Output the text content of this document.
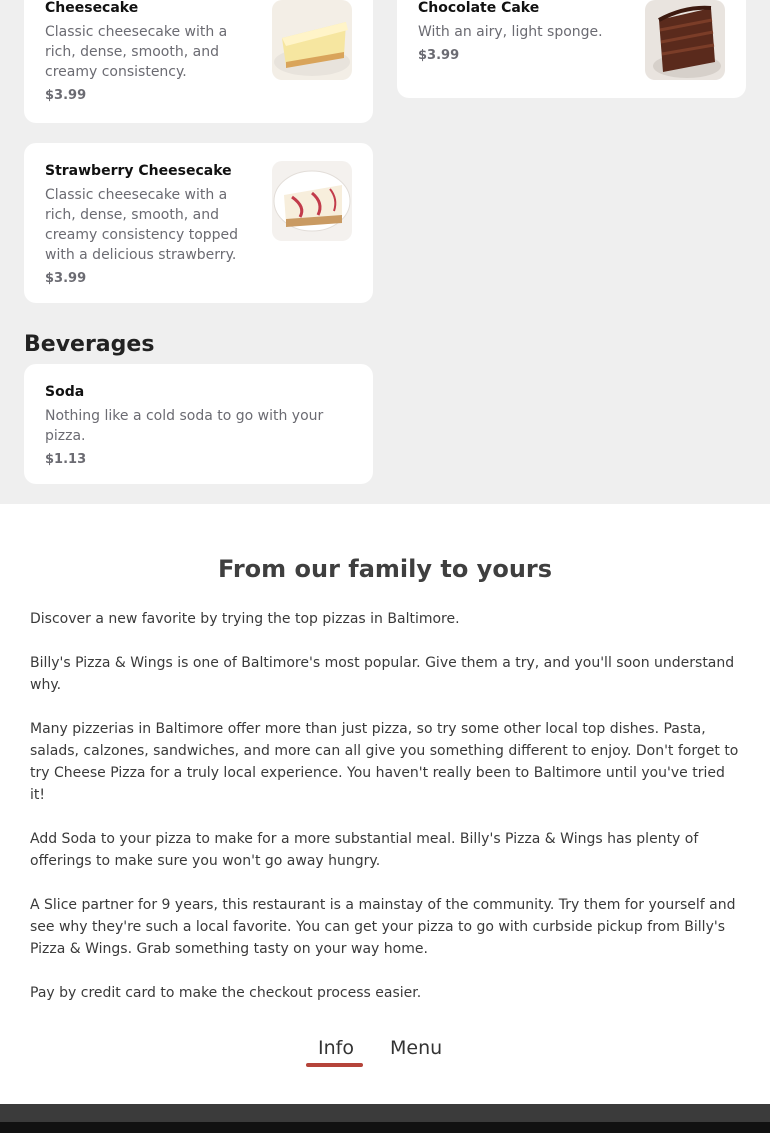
Cheesecake
Classic cheesecake with a rich, dense, smooth, and creamy consistency.
$3.99
Chocolate Cake
With an airy, light sponge.
$3.99
Strawberry Cheesecake
Classic cheesecake with a rich, dense, smooth, and creamy consistency topped with a delicious strawberry.
$3.99
Beverages
Soda
Nothing like a cold soda to go with your pizza.
$1.13
From our family to yours

Discover a new favorite by trying the top pizzas in Baltimore.

Billy's Pizza & Wings is one of Baltimore's most popular. Give them a try, and you'll soon understand why.

Many pizzerias in Baltimore offer more than just pizza, so try some other local top dishes. Pasta, salads, calzones, sandwiches, and more can all give you something different to enjoy. Don't forget to try Cheese Pizza for a truly local experience. You haven't really been to Baltimore until you've tried it!

Add Soda to your pizza to make for a more substantial meal. Billy's Pizza & Wings has plenty of offerings to make sure you won't go away hungry.

A Slice partner for 9 years, this restaurant is a mainstay of the community. Try them for yourself and see why they're such a local favorite. You can get your pizza to go with curbside pickup from Billy's Pizza & Wings. Grab something tasty on your way home.

Pay by credit card to make the checkout process easier.

Info Menu
